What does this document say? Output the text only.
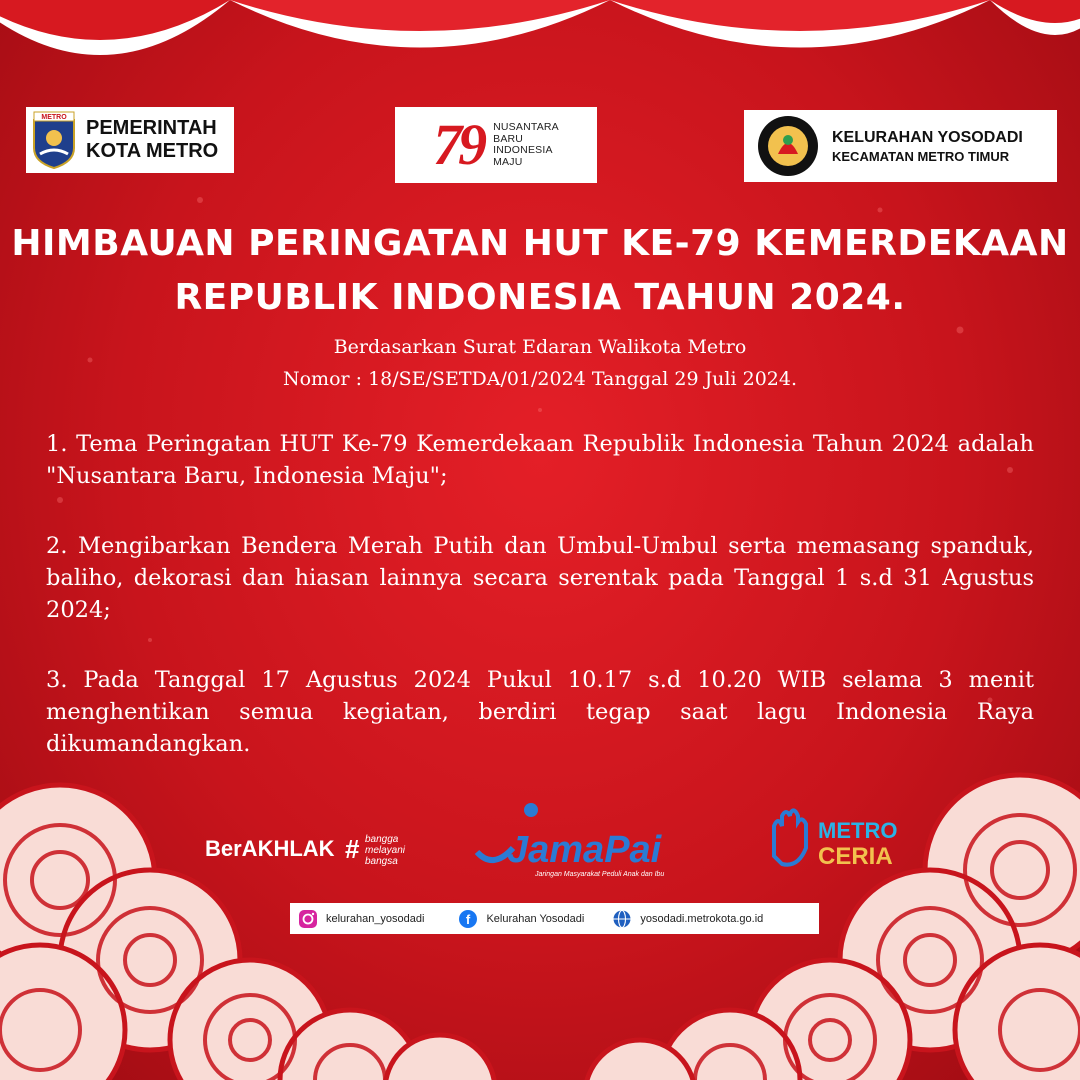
METRO PEMERINTAH
KOTA METRO	79 NUSANTARA
BARU
INDONESIA
MAJU
KELURAHAN YOSODADI
KECAMATAN METRO TIMUR
HIMBAUAN PERINGATAN HUT KE-79 KEMERDEKAAN
REPUBLIK INDONESIA TAHUN 2024.
Berdasarkan Surat Edaran Walikota Metro
Nomor : 18/SE/SETDA/01/2024 Tanggal 29 Juli 2024.

1. Tema Peringatan HUT Ke-79 Kemerdekaan Republik Indonesia Tahun 2024 adalah "Nusantara Baru, Indonesia Maju";

2. Mengibarkan Bendera Merah Putih dan Umbul-Umbul serta memasang spanduk, baliho, dekorasi dan hiasan lainnya secara serentak pada Tanggal 1 s.d 31 Agustus 2024;

3. Pada Tanggal 17 Agustus 2024 Pukul 10.17 s.d 10.20 WIB selama 3 menit menghentikan semua kegiatan, berdiri tegap saat lagu Indonesia Raya dikumandangkan.

BerAKHLAK # bangga
melayani
bangsa	JamaPai
Jaringan Masyarakat Peduli Anak dan Ibu
METRO
CERIA
kelurahan_yosodadi	f Kelurahan Yosodadi	yosodadi.metrokota.go.id
